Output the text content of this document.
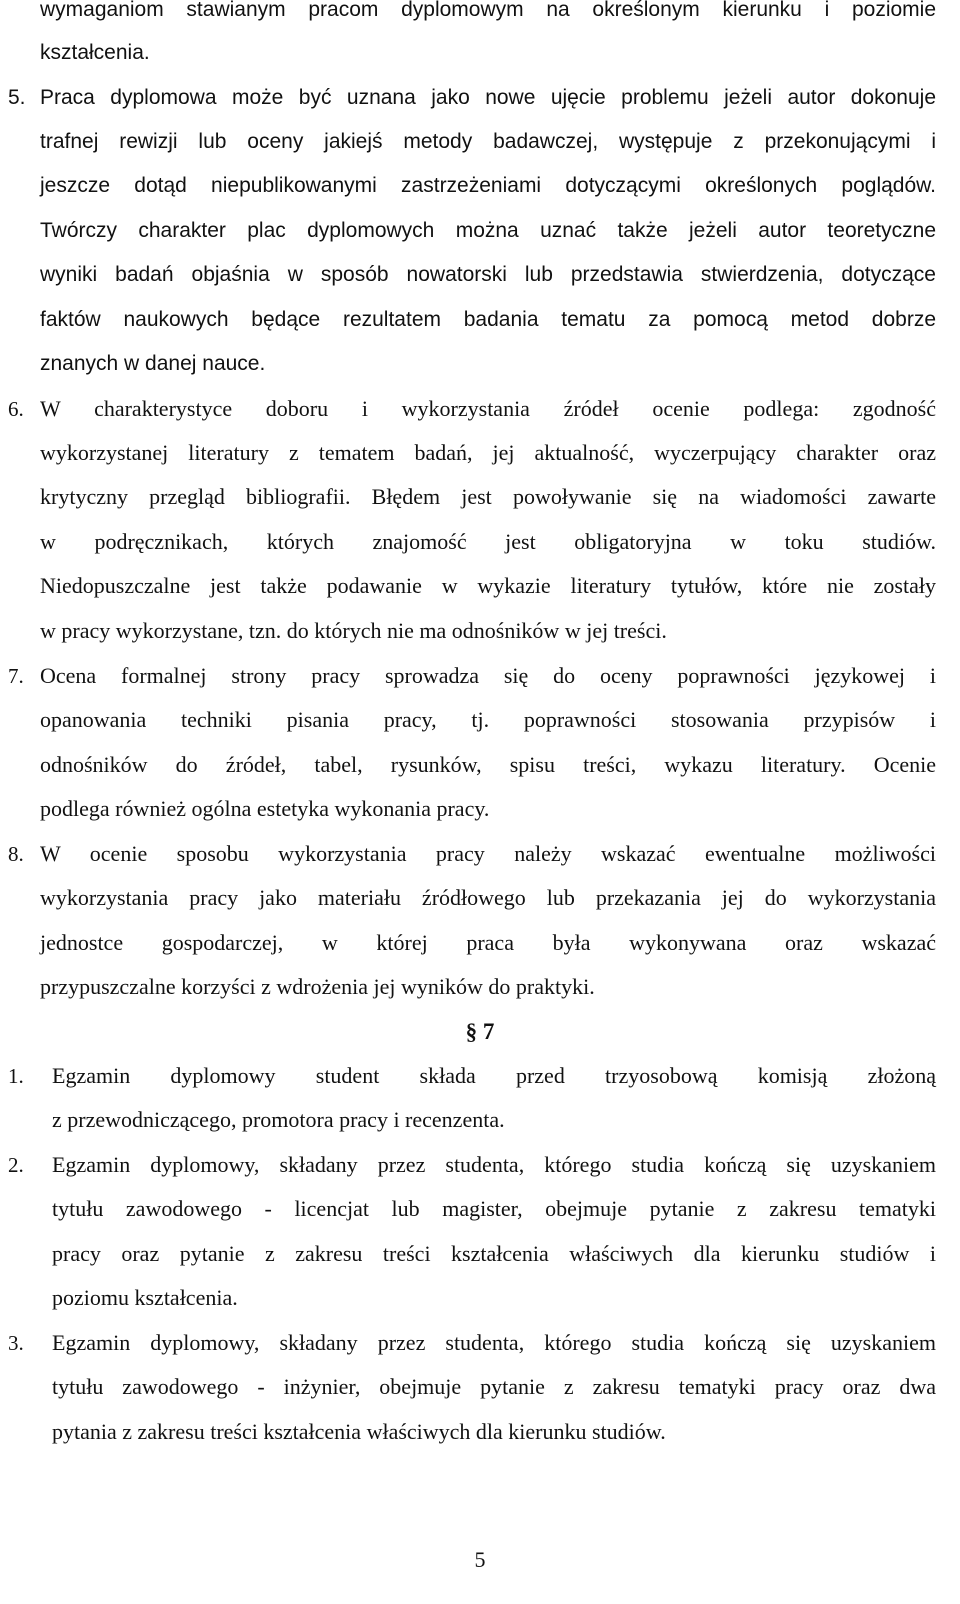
wymaganiom stawianym pracom dyplomowym na określonym kierunku i poziomie
kształcenia.
5. Praca dyplomowa może być uznana jako nowe ujęcie problemu jeżeli autor dokonuje
trafnej rewizji lub oceny jakiejś metody badawczej, występuje z przekonującymi i
jeszcze dotąd niepublikowanymi zastrzeżeniami dotyczącymi określonych poglądów.
Twórczy charakter plac dyplomowych można uznać także jeżeli autor teoretyczne
wyniki badań objaśnia w sposób nowatorski lub przedstawia stwierdzenia, dotyczące
faktów naukowych będące rezultatem badania tematu za pomocą metod dobrze
znanych w danej nauce.
6. W charakterystyce doboru i wykorzystania źródeł ocenie podlega: zgodność
wykorzystanej literatury z tematem badań, jej aktualność, wyczerpujący charakter oraz
krytyczny przegląd bibliografii. Błędem jest powoływanie się na wiadomości zawarte
w podręcznikach, których znajomość jest obligatoryjna w toku studiów.
Niedopuszczalne jest także podawanie w wykazie literatury tytułów, które nie zostały
w pracy wykorzystane, tzn. do których nie ma odnośników w jej treści.
7. Ocena formalnej strony pracy sprowadza się do oceny poprawności językowej i
opanowania techniki pisania pracy, tj. poprawności stosowania przypisów i
odnośników do źródeł, tabel, rysunków, spisu treści, wykazu literatury. Ocenie
podlega również ogólna estetyka wykonania pracy.
8. W ocenie sposobu wykorzystania pracy należy wskazać ewentualne możliwości
wykorzystania pracy jako materiału źródłowego lub przekazania jej do wykorzystania
jednostce gospodarczej, w której praca była wykonywana oraz wskazać
przypuszczalne korzyści z wdrożenia jej wyników do praktyki.
§ 7
1. Egzamin dyplomowy student składa przed trzyosobową komisją złożoną
z przewodniczącego, promotora pracy i recenzenta.
2. Egzamin dyplomowy, składany przez studenta, którego studia kończą się uzyskaniem
tytułu zawodowego - licencjat lub magister, obejmuje pytanie z zakresu tematyki
pracy oraz pytanie z zakresu treści kształcenia właściwych dla kierunku studiów i
poziomu kształcenia.
3. Egzamin dyplomowy, składany przez studenta, którego studia kończą się uzyskaniem
tytułu zawodowego - inżynier, obejmuje pytanie z zakresu tematyki pracy oraz dwa
pytania z zakresu treści kształcenia właściwych dla kierunku studiów.
5
